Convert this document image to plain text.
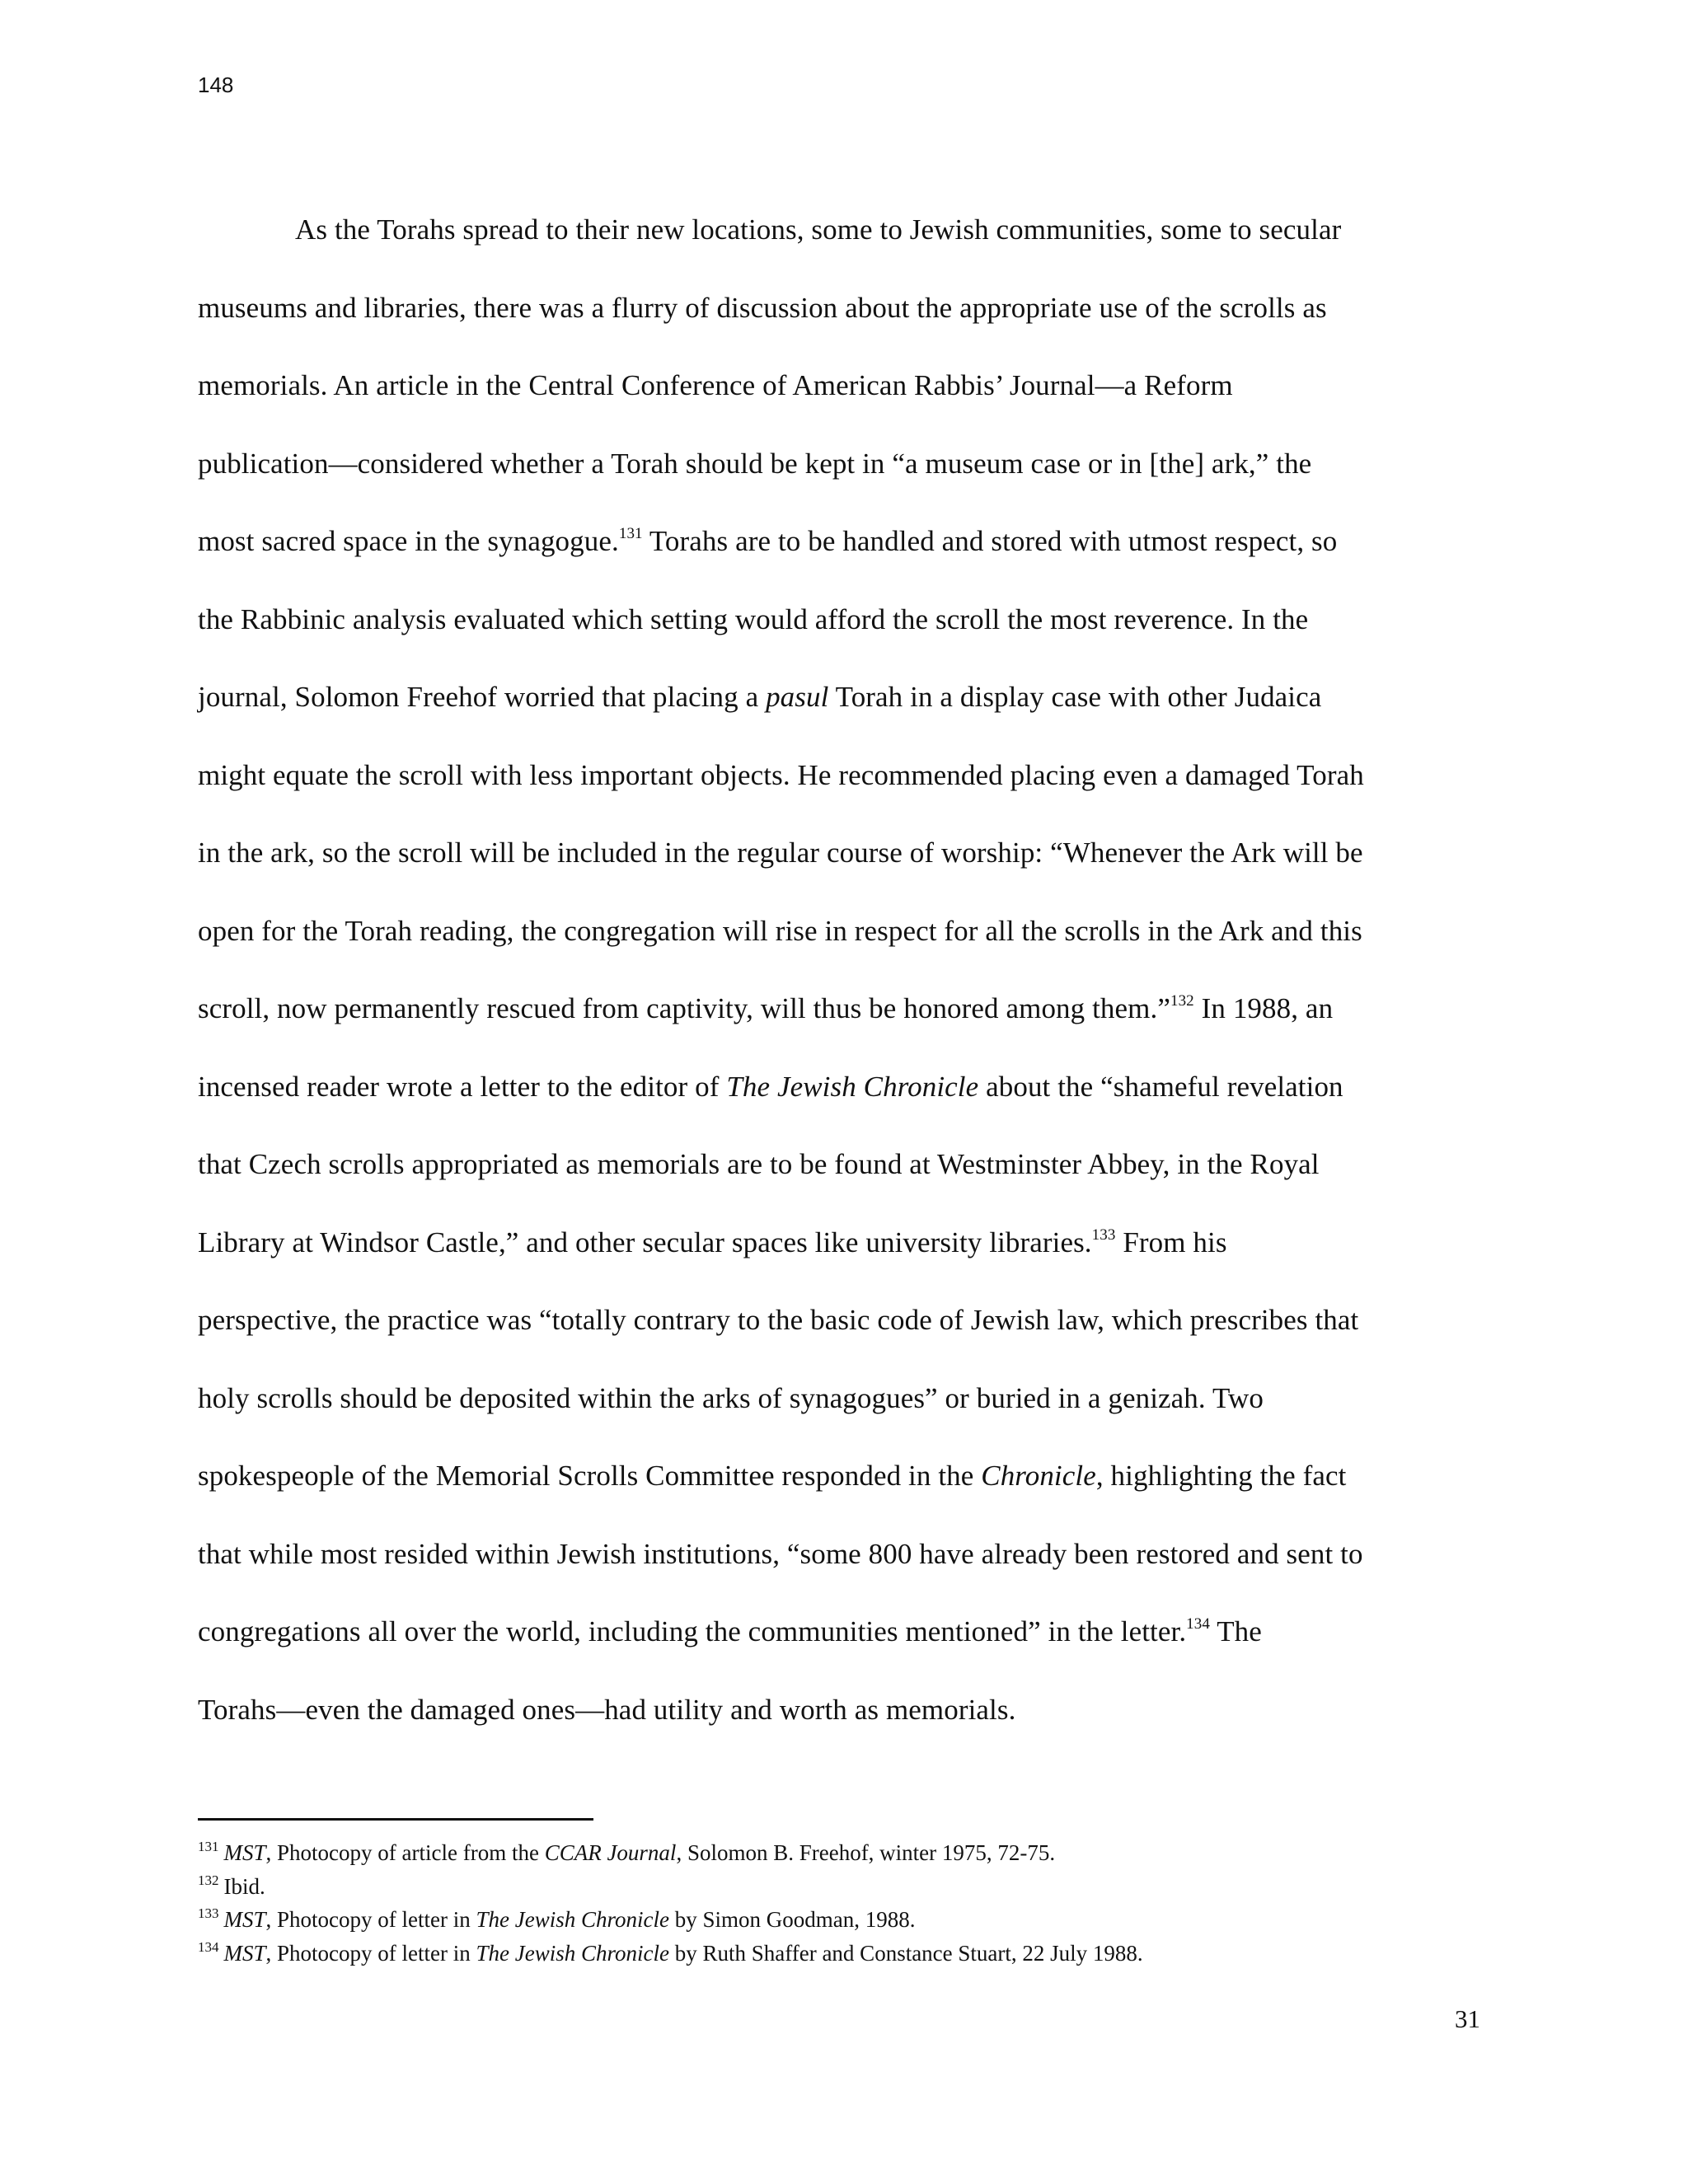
148

As the Torahs spread to their new locations, some to Jewish communities, some to secular
museums and libraries, there was a flurry of discussion about the appropriate use of the scrolls as
memorials. An article in the Central Conference of American Rabbis’ Journal—a Reform
publication—considered whether a Torah should be kept in “a museum case or in [the] ark,” the
most sacred space in the synagogue.$^{131}$ Torahs are to be handled and stored with utmost respect, so
the Rabbinic analysis evaluated which setting would afford the scroll the most reverence. In the
journal, Solomon Freehof worried that placing a pasul Torah in a display case with other Judaica
might equate the scroll with less important objects. He recommended placing even a damaged Torah
in the ark, so the scroll will be included in the regular course of worship: “Whenever the Ark will be
open for the Torah reading, the congregation will rise in respect for all the scrolls in the Ark and this
scroll, now permanently rescued from captivity, will thus be honored among them.”$^{132}$ In 1988, an
incensed reader wrote a letter to the editor of The Jewish Chronicle about the “shameful revelation
that Czech scrolls appropriated as memorials are to be found at Westminster Abbey, in the Royal
Library at Windsor Castle,” and other secular spaces like university libraries.$^{133}$ From his
perspective, the practice was “totally contrary to the basic code of Jewish law, which prescribes that
holy scrolls should be deposited within the arks of synagogues” or buried in a genizah. Two
spokespeople of the Memorial Scrolls Committee responded in the Chronicle, highlighting the fact
that while most resided within Jewish institutions, “some 800 have already been restored and sent to
congregations all over the world, including the communities mentioned” in the letter.$^{134}$ The
Torahs—even the damaged ones—had utility and worth as memorials.

$^{131}$ MST, Photocopy of article from the CCAR Journal, Solomon B. Freehof, winter 1975, 72-75.
$^{132}$ Ibid.
$^{133}$ MST, Photocopy of letter in The Jewish Chronicle by Simon Goodman, 1988.
$^{134}$ MST, Photocopy of letter in The Jewish Chronicle by Ruth Shaffer and Constance Stuart, 22 July 1988.
31
